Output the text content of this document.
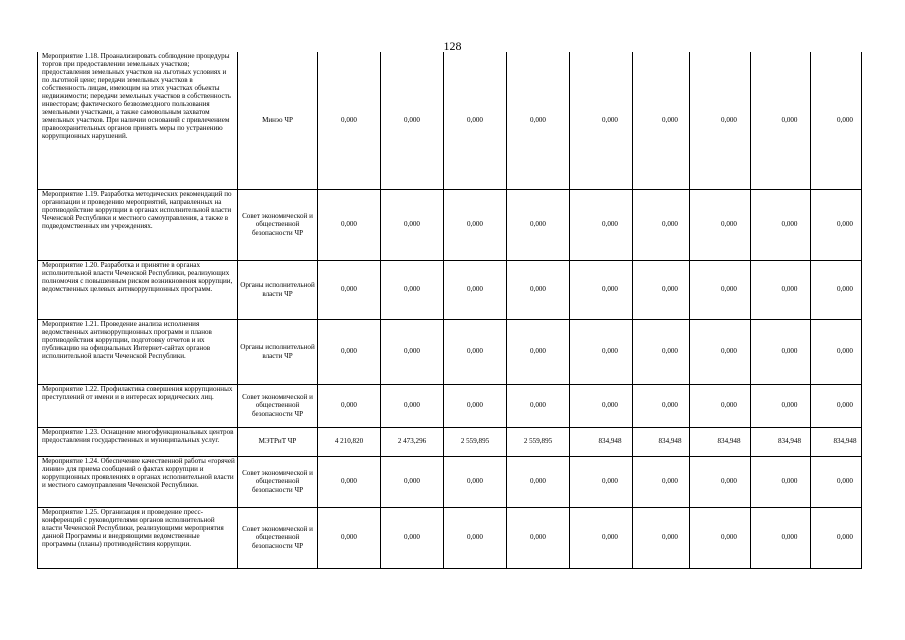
128
Мероприятие 1.18. Проанализировать соблюдение процедуры торгов при предоставлении земельных участков; предоставления земельных участков на льготных условиях и по льготной цене; передачи земельных участков в собственность лицам, имеющим на этих участках объекты недвижимости; передачи земельных участков в собственность инвесторам; фактического безвозмездного пользования земельными участками, а также самовольным захватом земельных участков. При наличии оснований с привлечением правоохранительных органов принять меры по устранению коррупционных нарушений.	Минэо ЧР	0,000	0,000	0,000	0,000	0,000	0,000	0,000	0,000	0,000
Мероприятие 1.19. Разработка методических рекомендаций по организации и проведению мероприятий, направленных на противодействие коррупции в органах исполнительной власти Чеченской Республики и местного самоуправления, а также в подведомственных им учреждениях.	Совет экономической и общественной безопасности ЧР	0,000	0,000	0,000	0,000	0,000	0,000	0,000	0,000	0,000
Мероприятие 1.20. Разработка и принятие в органах исполнительной власти Чеченской Республики, реализующих полномочия с повышенным риском возникновения коррупции, ведомственных целевых антикоррупционных программ.	Органы исполнительной власти ЧР	0,000	0,000	0,000	0,000	0,000	0,000	0,000	0,000	0,000
Мероприятие 1.21. Проведение анализа исполнения ведомственных антикоррупционных программ и планов противодействия коррупции, подготовку отчетов и их публикацию на официальных Интернет-сайтах органов исполнительной власти Чеченской Республики.	Органы исполнительной власти ЧР	0,000	0,000	0,000	0,000	0,000	0,000	0,000	0,000	0,000
Мероприятие 1.22. Профилактика совершения коррупционных преступлений от имени и в интересах юридических лиц.	Совет экономической и общественной безопасности ЧР	0,000	0,000	0,000	0,000	0,000	0,000	0,000	0,000	0,000
Мероприятие 1.23. Оснащение многофункциональных центров предоставления государственных и муниципальных услуг.	МЭТРиТ ЧР	4 210,820	2 473,296	2 559,895	2 559,895	834,948	834,948	834,948	834,948	834,948
Мероприятие 1.24. Обеспечение качественной работы «горячей линии» для приема сообщений о фактах коррупции и коррупционных проявлениях в органах исполнительной власти и местного самоуправления Чеченской Республики.	Совет экономической и общественной безопасности ЧР	0,000	0,000	0,000	0,000	0,000	0,000	0,000	0,000	0,000
Мероприятие 1.25. Организация и проведение пресс-конференций с руководителями органов исполнительной власти Чеченской Республики, реализующими мероприятия данной Программы и внедряющими ведомственные программы (планы) противодействия коррупции.	Совет экономической и общественной безопасности ЧР	0,000	0,000	0,000	0,000	0,000	0,000	0,000	0,000	0,000
